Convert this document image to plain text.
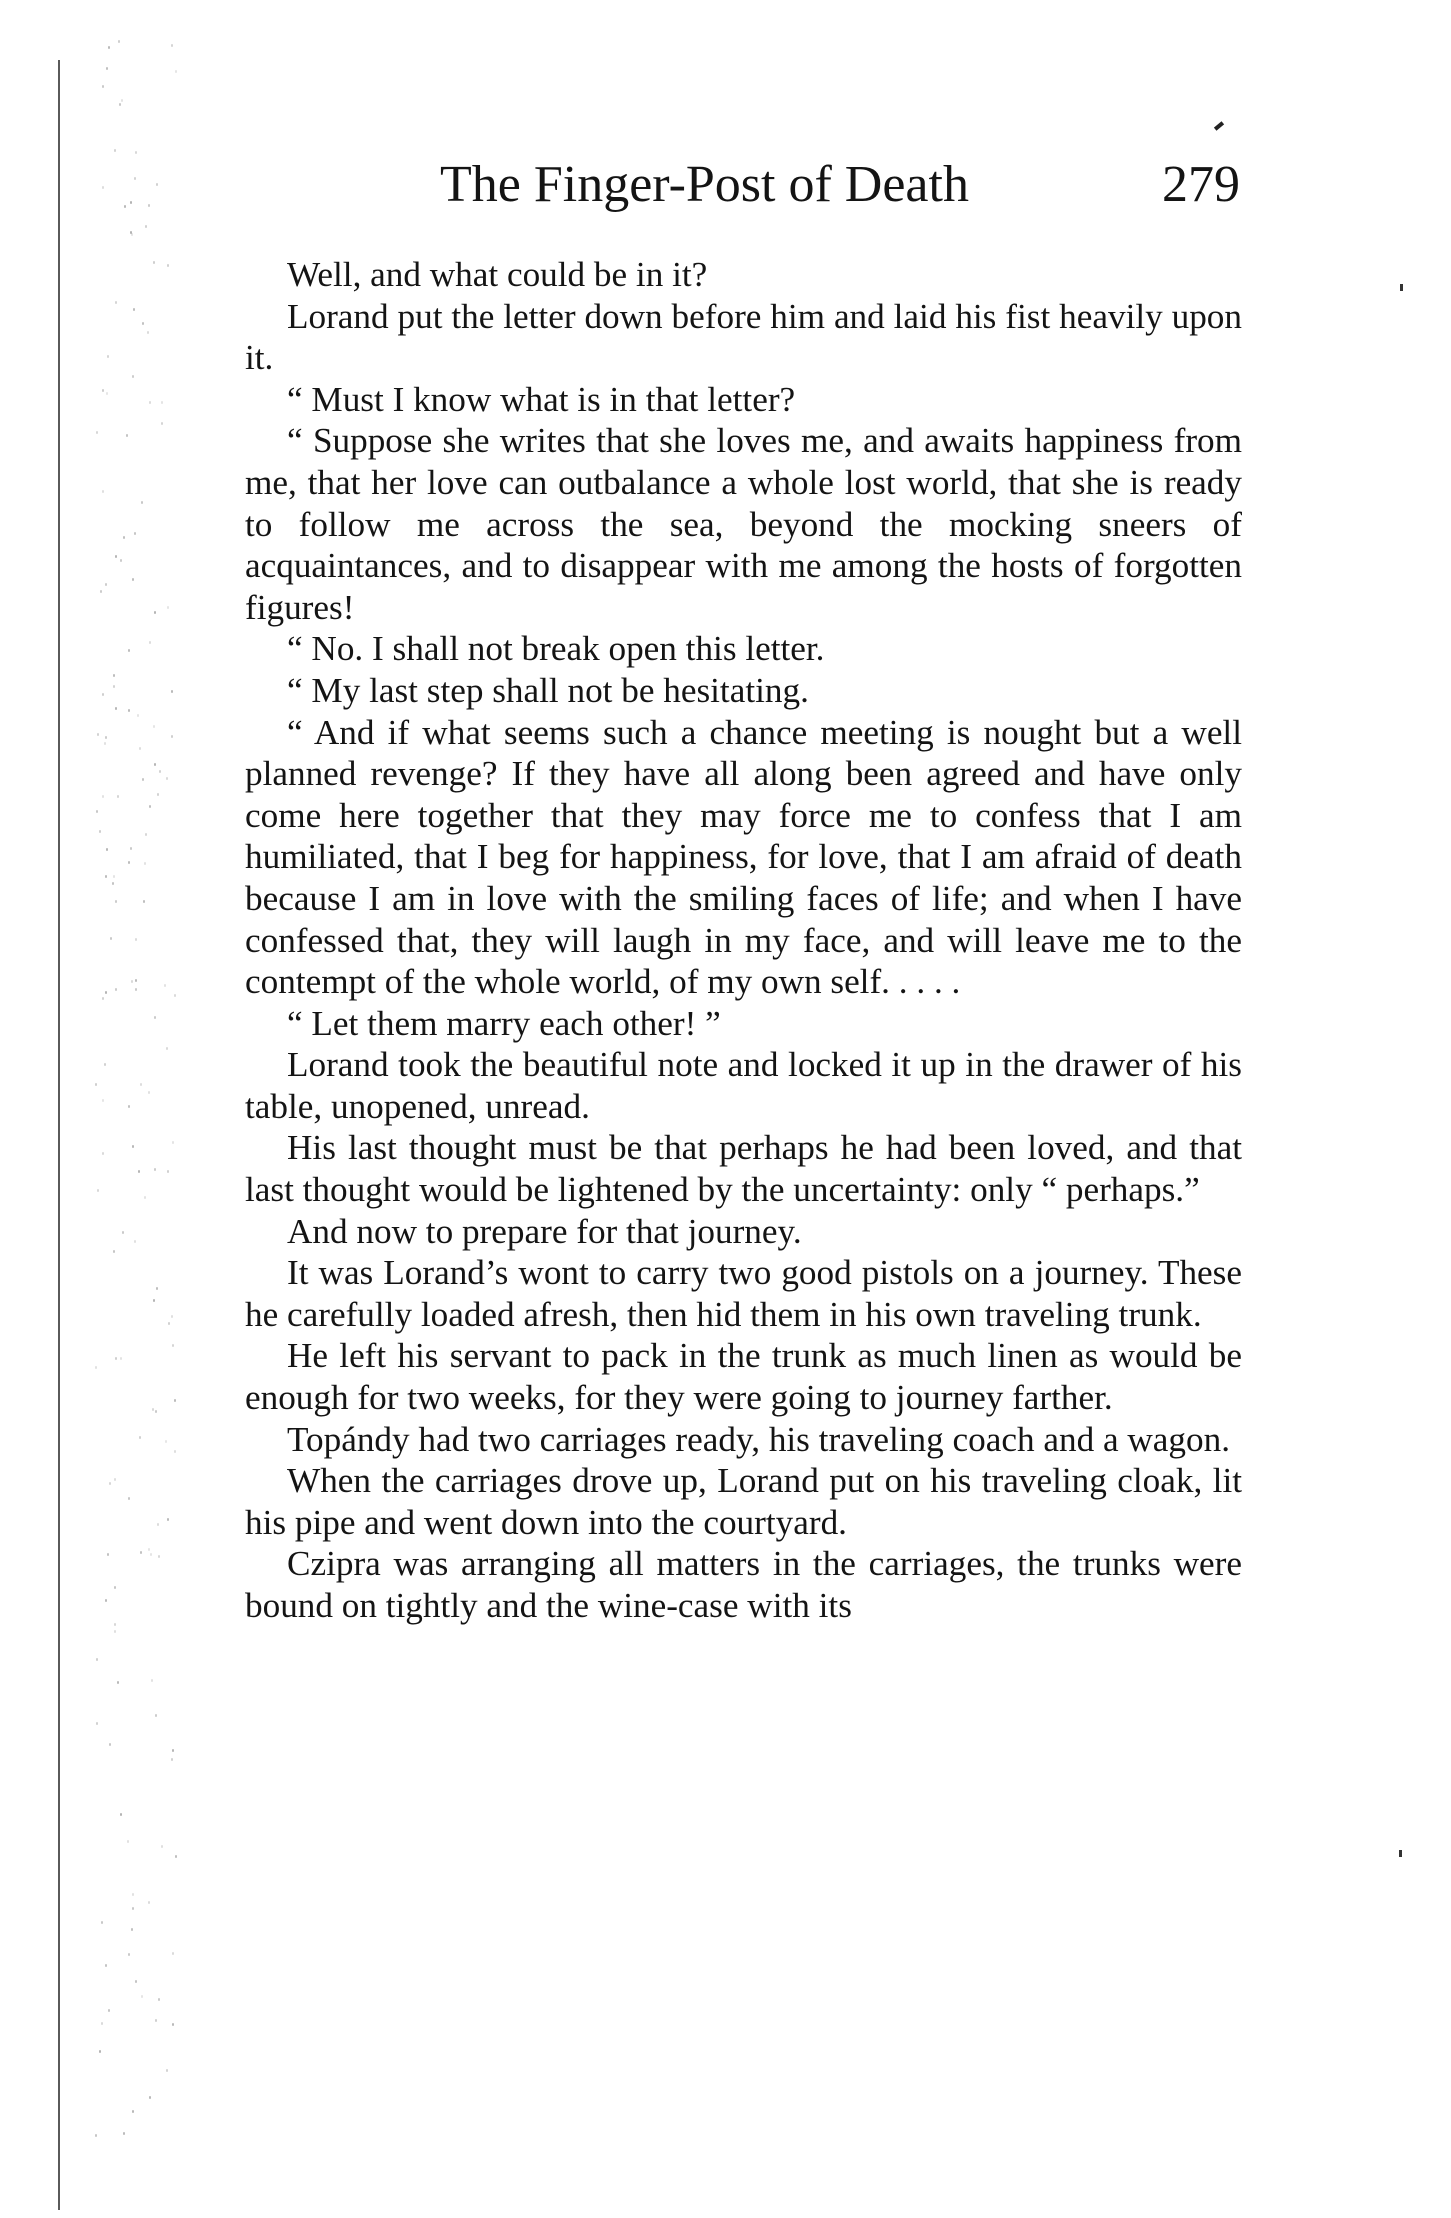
The Finger-Post of Death	279

Well, and what could be in it?

Lorand put the letter down before him and laid his fist heavily upon it.

“ Must I know what is in that letter?

“ Suppose she writes that she loves me, and awaits happiness from me, that her love can outbalance a whole lost world, that she is ready to follow me across the sea, beyond the mocking sneers of acquaintances, and to disappear with me among the hosts of forgotten figures!

“ No. I shall not break open this letter.

“ My last step shall not be hesitating.

“ And if what seems such a chance meeting is nought but a well planned revenge? If they have all along been agreed and have only come here together that they may force me to confess that I am humiliated, that I beg for happiness, for love, that I am afraid of death because I am in love with the smiling faces of life; and when I have confessed that, they will laugh in my face, and will leave me to the contempt of the whole world, of my own self. . . . .

“ Let them marry each other! ”

Lorand took the beautiful note and locked it up in the drawer of his table, unopened, unread.

His last thought must be that perhaps he had been loved, and that last thought would be lightened by the uncertainty: only “ perhaps.”

And now to prepare for that journey.

It was Lorand’s wont to carry two good pistols on a journey. These he carefully loaded afresh, then hid them in his own traveling trunk.

He left his servant to pack in the trunk as much linen as would be enough for two weeks, for they were going to journey farther.

Topándy had two carriages ready, his traveling coach and a wagon.

When the carriages drove up, Lorand put on his traveling cloak, lit his pipe and went down into the courtyard.

Czipra was arranging all matters in the carriages, the trunks were bound on tightly and the wine-case with its
